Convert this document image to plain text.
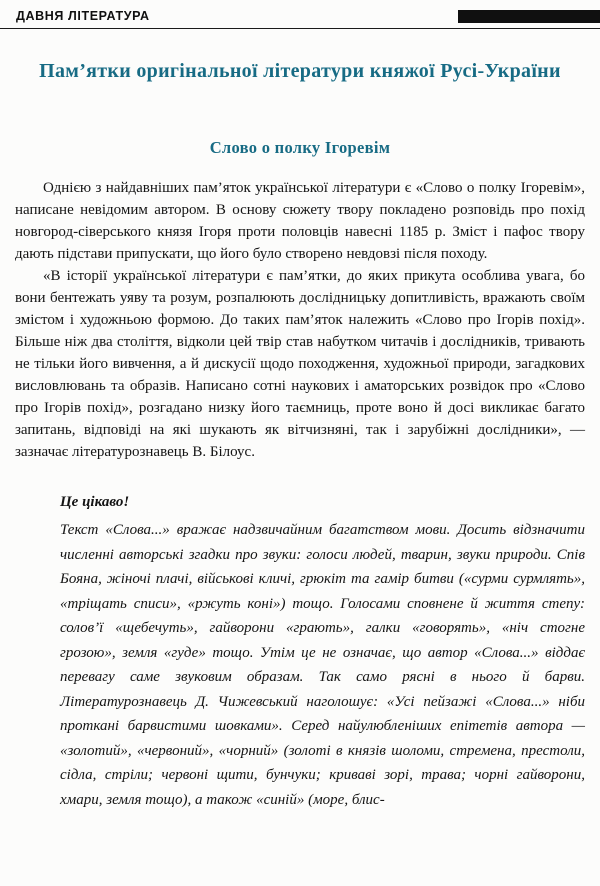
ДАВНЯ ЛІТЕРАТУРА
Пам’ятки оригінальної літератури княжої Русі-України
Слово о полку Ігоревім

Однією з найдавніших пам’яток української літератури є «Слово о полку Ігоревім», написане невідомим автором. В основу сюжету твору покладено розповідь про похід новгород-сіверського князя Ігоря проти половців навесні 1185 р. Зміст і пафос твору дають підстави припускати, що його було створено невдовзі після походу.

«В історії української літератури є пам’ятки, до яких прикута особлива увага, бо вони бентежать уяву та розум, розпалюють дослідницьку допитливість, вражають своїм змістом і художньою формою. До таких пам’яток належить «Слово про Ігорів похід». Більше ніж два століття, відколи цей твір став набутком читачів і дослідників, тривають не тільки його вивчення, а й дискусії щодо походження, художньої природи, загадкових висловлювань та образів. Написано сотні наукових і аматорських розвідок про «Слово про Ігорів похід», розгадано низку його таємниць, проте воно й досі викликає багато запитань, відповіді на які шукають як вітчизняні, так і зарубіжні дослідники», — зазначає літературознавець В. Білоус.

Це цікаво!

Текст «Слова...» вражає надзвичайним багатством мови. Досить відзначити численні авторські згадки про звуки: голоси людей, тварин, звуки природи. Спів Бояна, жіночі плачі, військові кличі, грюкіт та гамір битви («сурми сурмлять», «тріщать списи», «ржуть коні») тощо. Голосами сповнене й життя степу: солов’ї «щебечуть», гайворони «грають», галки «говорять», «ніч стогне грозою», земля «гуде» тощо. Утім це не означає, що автор «Слова...» віддає перевагу саме звуковим образам. Так само рясні в нього й барви. Літературознавець Д. Чижевський наголошує: «Усі пейзажі «Слова...» ніби проткані барвистими шовками». Серед найулюбленіших епітетів автора — «золотий», «червоний», «чорний» (золоті в князів шоломи, стремена, престоли, сідла, стріли; червоні щити, бунчуки; криваві зорі, трава; чорні гайворони, хмари, земля тощо), а також «синій» (море, блис-
